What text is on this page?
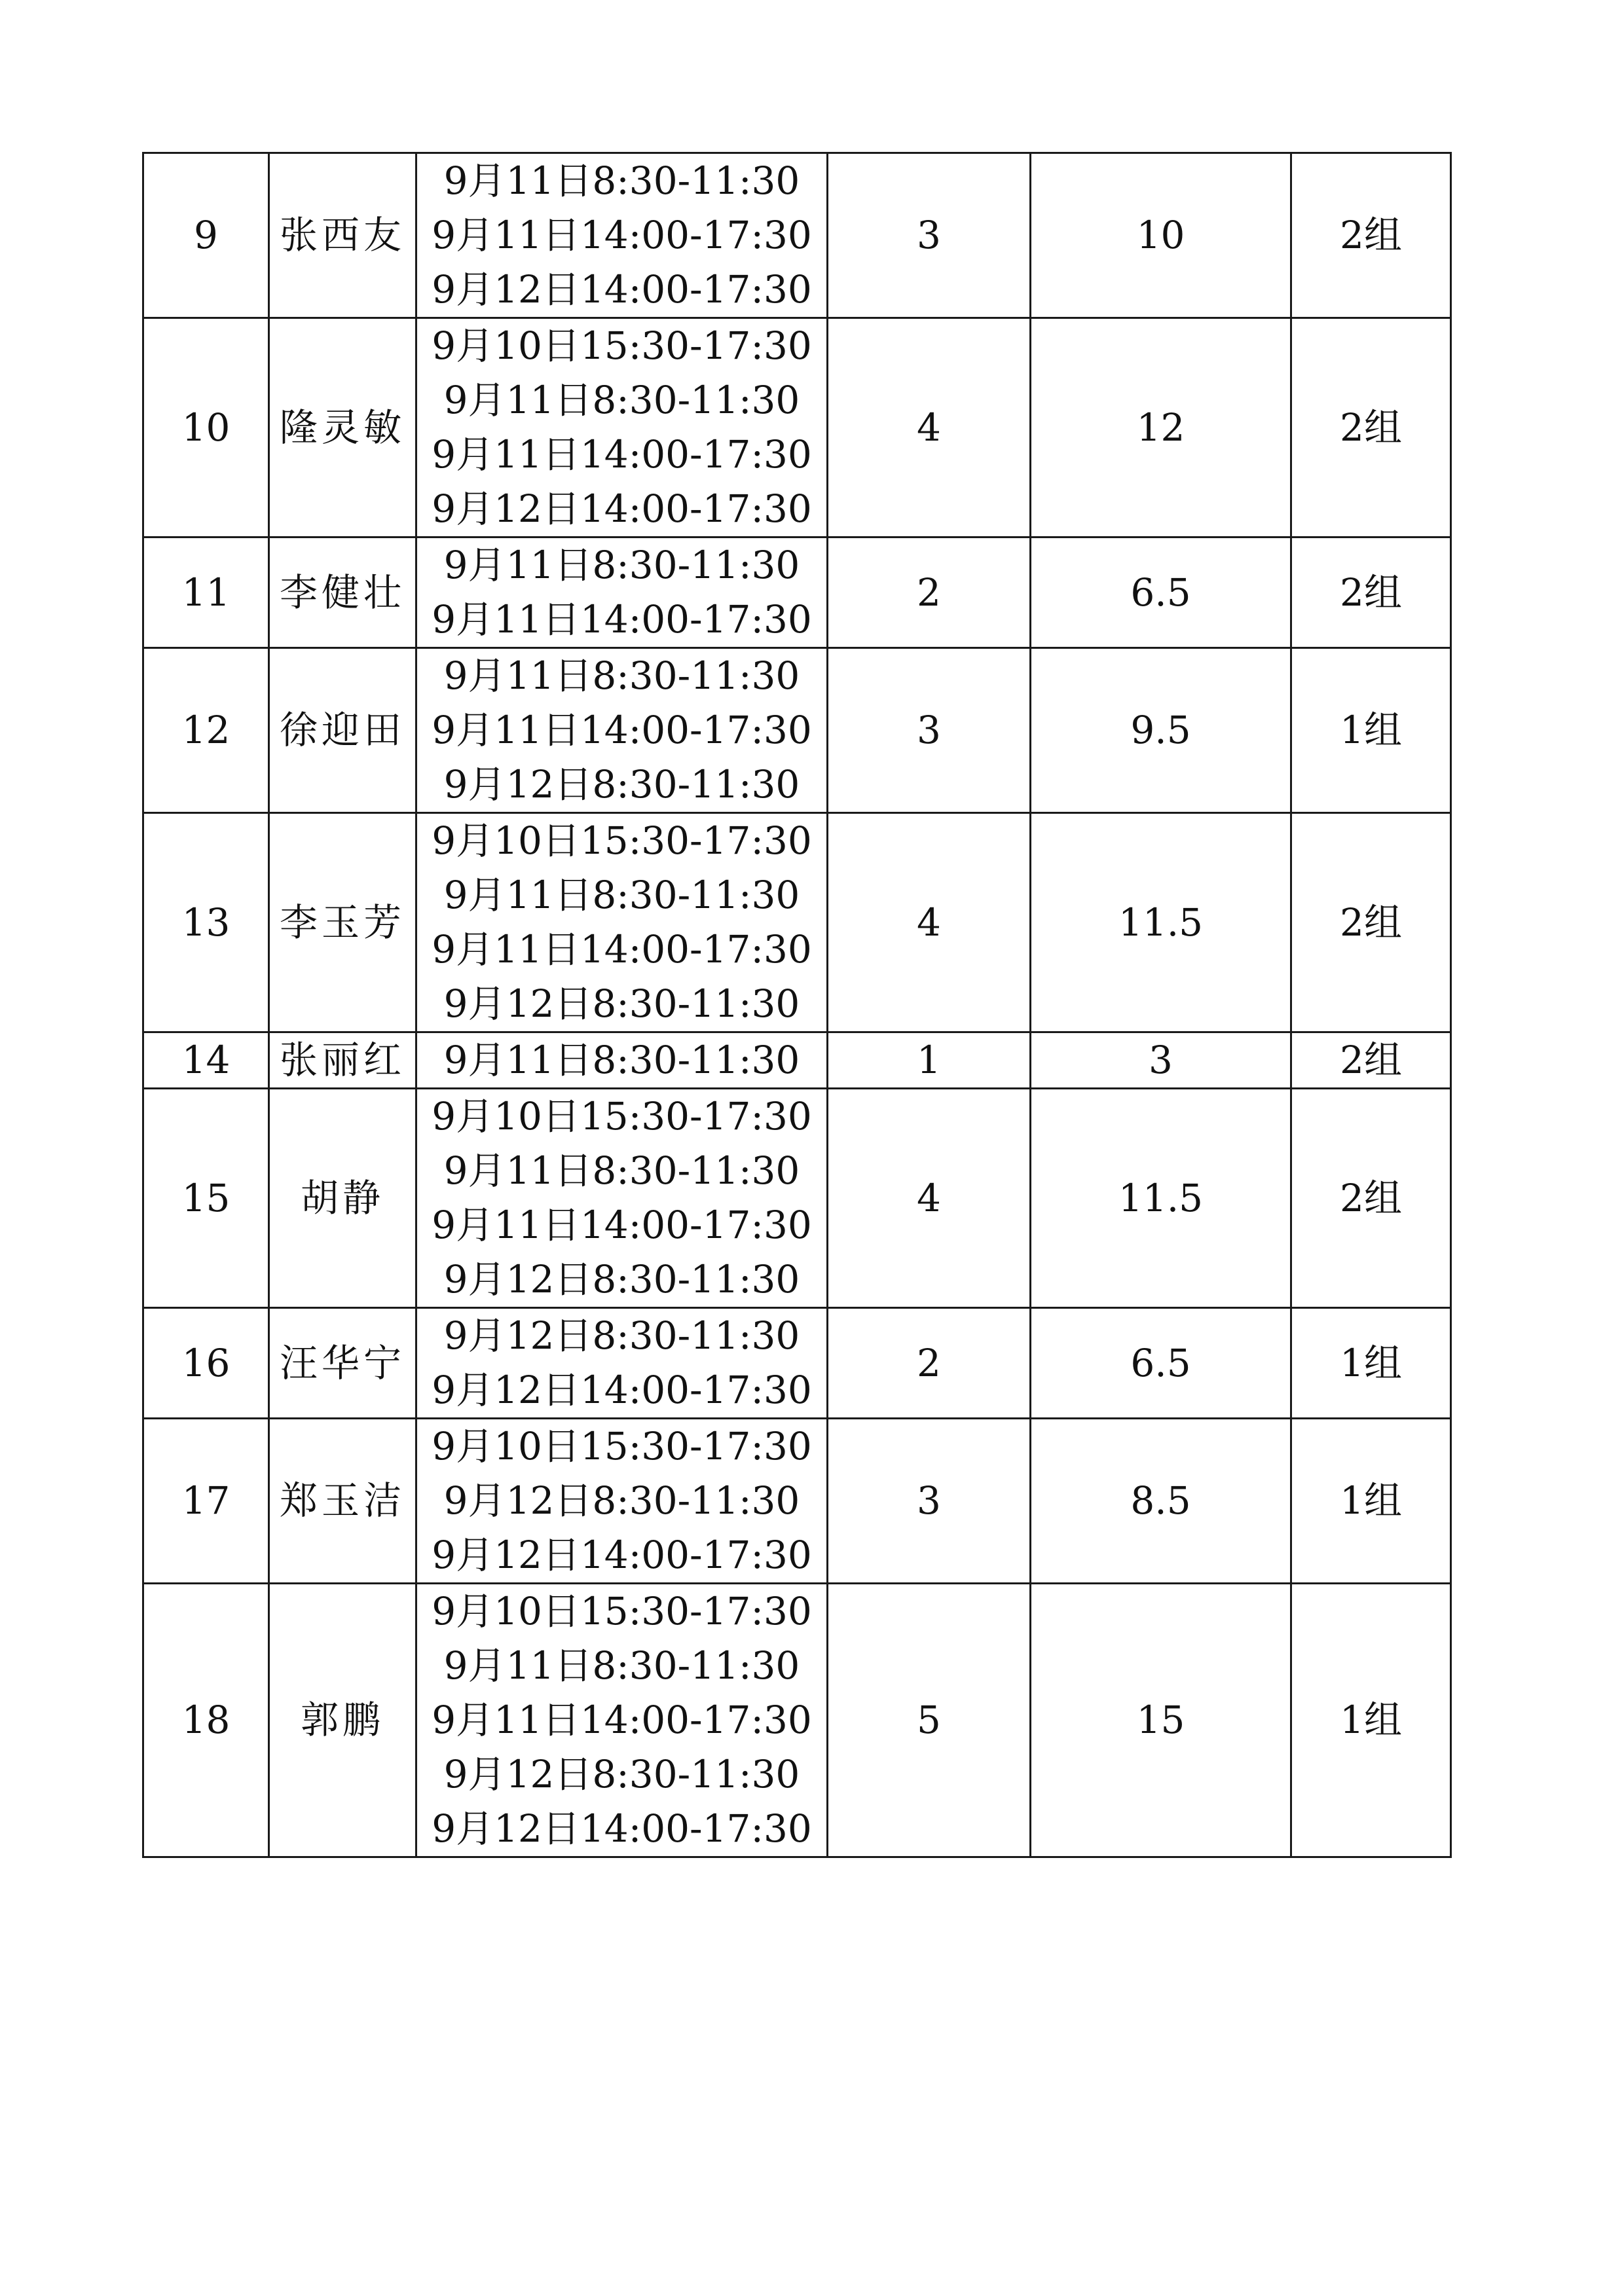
9	张西友	9月11日8:30-11:30
9月11日14:00-17:30
9月12日14:00-17:30	3	10	2组
10	隆灵敏	9月10日15:30-17:30
9月11日8:30-11:30
9月11日14:00-17:30
9月12日14:00-17:30	4	12	2组
11	李健壮	9月11日8:30-11:30
9月11日14:00-17:30	2	6.5	2组
12	徐迎田	9月11日8:30-11:30
9月11日14:00-17:30
9月12日8:30-11:30	3	9.5	1组
13	李玉芳	9月10日15:30-17:30
9月11日8:30-11:30
9月11日14:00-17:30
9月12日8:30-11:30	4	11.5	2组
14	张丽红	9月11日8:30-11:30	1	3	2组
15	胡静	9月10日15:30-17:30
9月11日8:30-11:30
9月11日14:00-17:30
9月12日8:30-11:30	4	11.5	2组
16	汪华宁	9月12日8:30-11:30
9月12日14:00-17:30	2	6.5	1组
17	郑玉洁	9月10日15:30-17:30
9月12日8:30-11:30
9月12日14:00-17:30	3	8.5	1组
18	郭鹏	9月10日15:30-17:30
9月11日8:30-11:30
9月11日14:00-17:30
9月12日8:30-11:30
9月12日14:00-17:30	5	15	1组
